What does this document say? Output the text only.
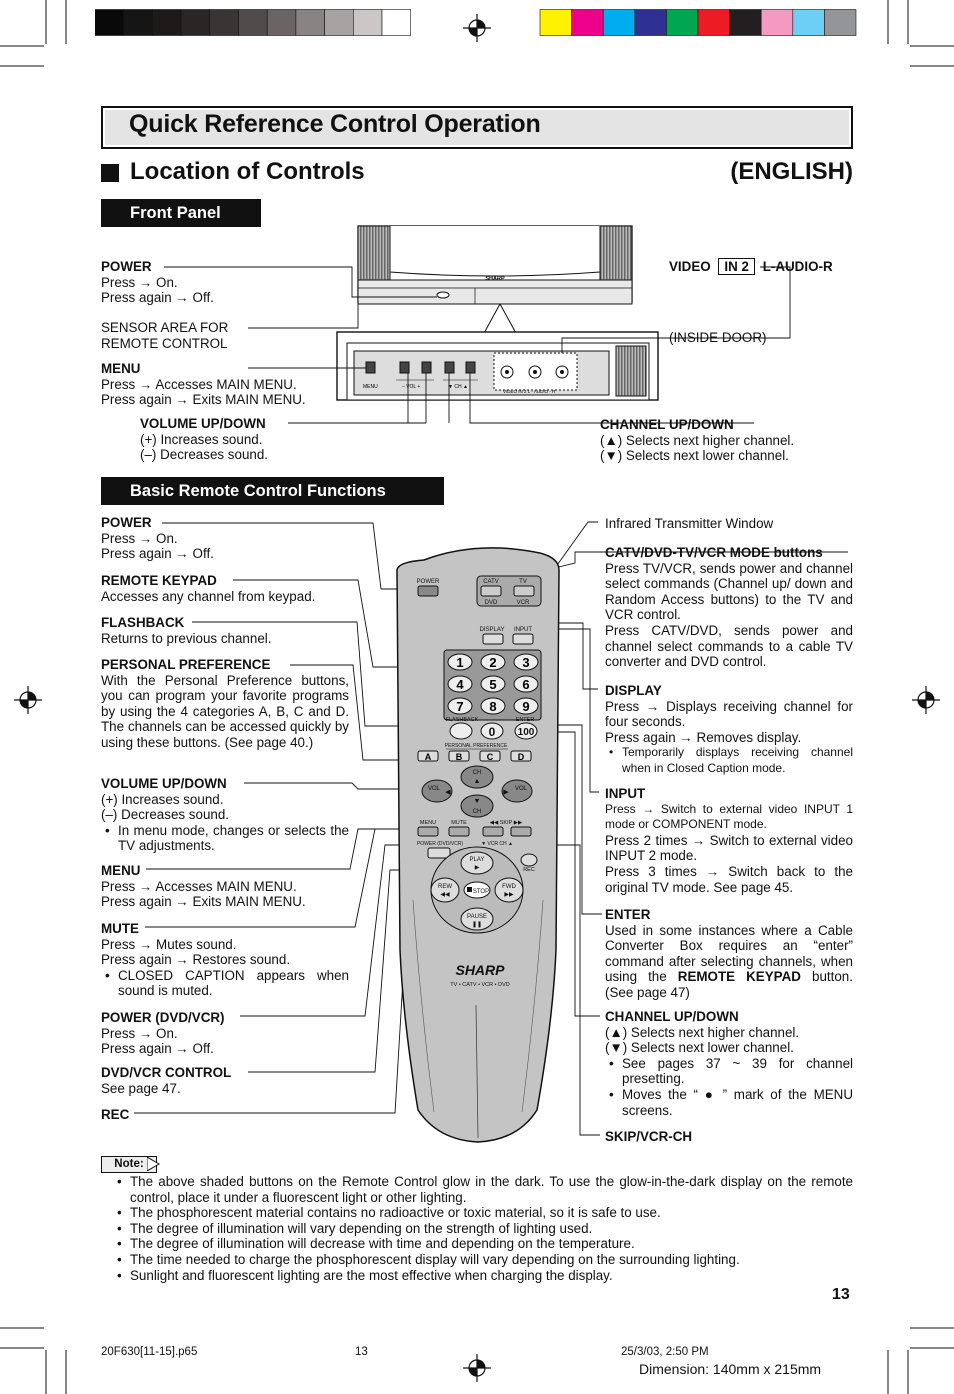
Quick Reference Control Operation
Location of Controls	(ENGLISH)
Front Panel
POWER
Press → On.
Press again → Off.
SENSOR AREA FOR
REMOTE CONTROL
MENU
Press → Accesses MAIN MENU.
Press again → Exits MAIN MENU.
VOLUME UP/DOWN
(+) Increases sound.
(–) Decreases sound.
VIDEO IN 2 L-AUDIO-R
(INSIDE DOOR)
CHANNEL UP/DOWN
(▲) Selects next higher channel.
(▼) Selects next lower channel.
SHARP
MENU	– VOL +	▼ CH ▲
VIDEO IN 2 L - AUDIO - R
Basic Remote Control Functions
POWER
Press → On.
Press again → Off.
REMOTE KEYPAD
Accesses any channel from keypad.
FLASHBACK
Returns to previous channel.
PERSONAL PREFERENCE
With the Personal Preference buttons, you can program your favorite programs by using the 4 categories A, B, C and D. The channels can be accessed quickly by using these buttons. (See page 40.)
VOLUME UP/DOWN
(+) Increases sound.
(–) Decreases sound.
• In menu mode, changes or selects the TV adjustments.
MENU
Press → Accesses MAIN MENU.
Press again → Exits MAIN MENU.
MUTE
Press → Mutes sound.
Press again → Restores sound.
• CLOSED CAPTION appears when sound is muted.
POWER (DVD/VCR)
Press → On.
Press again → Off.
DVD/VCR CONTROL
See page 47.
REC
Infrared Transmitter Window
CATV/DVD-TV/VCR MODE buttons
Press TV/VCR, sends power and channel select commands (Channel up/ down and Random Access buttons) to the TV and VCR control.
Press CATV/DVD, sends power and channel select commands to a cable TV converter and DVD control.
DISPLAY
Press → Displays receiving channel for four seconds.
Press again → Removes display.
• Temporarily displays receiving channel when in Closed Caption mode.
INPUT
Press → Switch to external video INPUT 1 mode or COMPONENT mode.
Press 2 times → Switch to external video INPUT 2 mode.
Press 3 times → Switch back to the original TV mode. See page 45.
ENTER
Used in some instances where a Cable Converter Box requires an “enter” command after selecting channels, when using the REMOTE KEYPAD button. (See page 47)
CHANNEL UP/DOWN
(▲) Selects next higher channel.
(▼) Selects next lower channel.
• See pages 37 ~ 39 for channel presetting.
• Moves the “ ● ” mark of the MENU screens.
SKIP/VCR-CH
POWER	CATV	TV
DVD	VCR
DISPLAY INPUT
1 2 3
4 5 6
7 8 9
FLASHBACK	ENTER
0 100
PERSONAL PREFERENCE
A	B	C	D
CH
▲
▼
CH
VOL ◀	VOL
▶
MENU	MUTE	◀◀ SKIP ▶▶
POWER (DVD/VCR)	▼ VCR CH ▲
PLAY
▶
REW
◀◀
FWD
▶▶
STOP
PAUSE
❚❚
REC
SHARP
TV • CATV • VCR • DVD
Note:
• The above shaded buttons on the Remote Control glow in the dark. To use the glow-in-the-dark display on the remote control, place it under a fluorescent light or other lighting.
• The phosphorescent material contains no radioactive or toxic material, so it is safe to use.
• The degree of illumination will vary depending on the strength of lighting used.
• The degree of illumination will decrease with time and depending on the temperature.
• The time needed to charge the phosphorescent display will vary depending on the surrounding lighting.
• Sunlight and fluorescent lighting are the most effective when charging the display.
13
20F630[11-15].p65	13	25/3/03, 2:50 PM
Dimension: 140mm x 215mm
